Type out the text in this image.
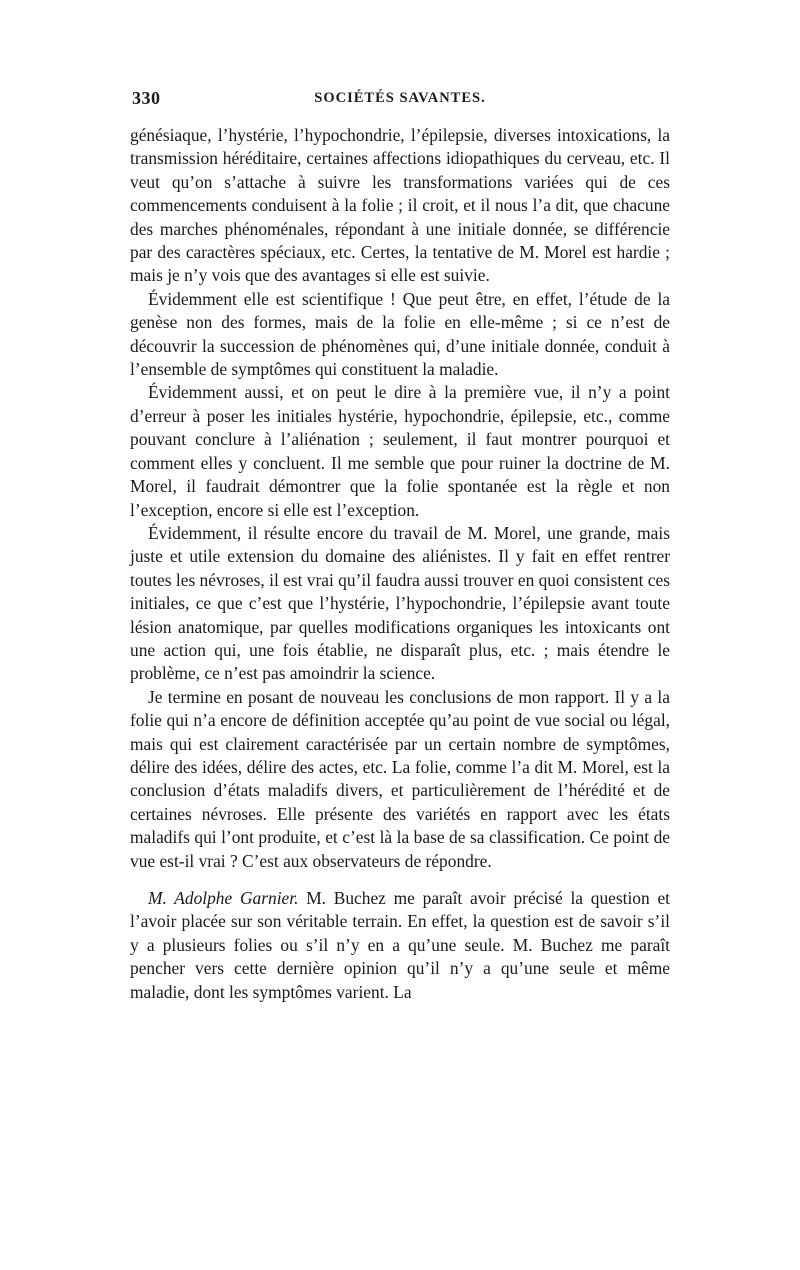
330	SOCIÉTÉS SAVANTES.

génésiaque, l’hystérie, l’hypochondrie, l’épilepsie, diverses intoxications, la transmission héréditaire, certaines affections idiopathiques du cerveau, etc. Il veut qu’on s’attache à suivre les transformations variées qui de ces commencements conduisent à la folie ; il croit, et il nous l’a dit, que chacune des marches phénoménales, répondant à une initiale donnée, se différencie par des caractères spéciaux, etc. Certes, la tentative de M. Morel est hardie ; mais je n’y vois que des avantages si elle est suivie.

Évidemment elle est scientifique ! Que peut être, en effet, l’étude de la genèse non des formes, mais de la folie en elle-même ; si ce n’est de découvrir la succession de phénomènes qui, d’une initiale donnée, conduit à l’ensemble de symptômes qui constituent la maladie.

Évidemment aussi, et on peut le dire à la première vue, il n’y a point d’erreur à poser les initiales hystérie, hypochondrie, épilepsie, etc., comme pouvant conclure à l’aliénation ; seulement, il faut montrer pourquoi et comment elles y concluent. Il me semble que pour ruiner la doctrine de M. Morel, il faudrait démontrer que la folie spontanée est la règle et non l’exception, encore si elle est l’exception.

Évidemment, il résulte encore du travail de M. Morel, une grande, mais juste et utile extension du domaine des aliénistes. Il y fait en effet rentrer toutes les névroses, il est vrai qu’il faudra aussi trouver en quoi consistent ces initiales, ce que c’est que l’hystérie, l’hypochondrie, l’épilepsie avant toute lésion anatomique, par quelles modifications organiques les intoxicants ont une action qui, une fois établie, ne disparaît plus, etc. ; mais étendre le problème, ce n’est pas amoindrir la science.

Je termine en posant de nouveau les conclusions de mon rapport. Il y a la folie qui n’a encore de définition acceptée qu’au point de vue social ou légal, mais qui est clairement caractérisée par un certain nombre de symptômes, délire des idées, délire des actes, etc. La folie, comme l’a dit M. Morel, est la conclusion d’états maladifs divers, et particulièrement de l’hérédité et de certaines névroses. Elle présente des variétés en rapport avec les états maladifs qui l’ont produite, et c’est là la base de sa classification. Ce point de vue est-il vrai ? C’est aux observateurs de répondre.

M. Adolphe Garnier. M. Buchez me paraît avoir précisé la question et l’avoir placée sur son véritable terrain. En effet, la question est de savoir s’il y a plusieurs folies ou s’il n’y en a qu’une seule. M. Buchez me paraît pencher vers cette dernière opinion qu’il n’y a qu’une seule et même maladie, dont les symptômes varient. La
